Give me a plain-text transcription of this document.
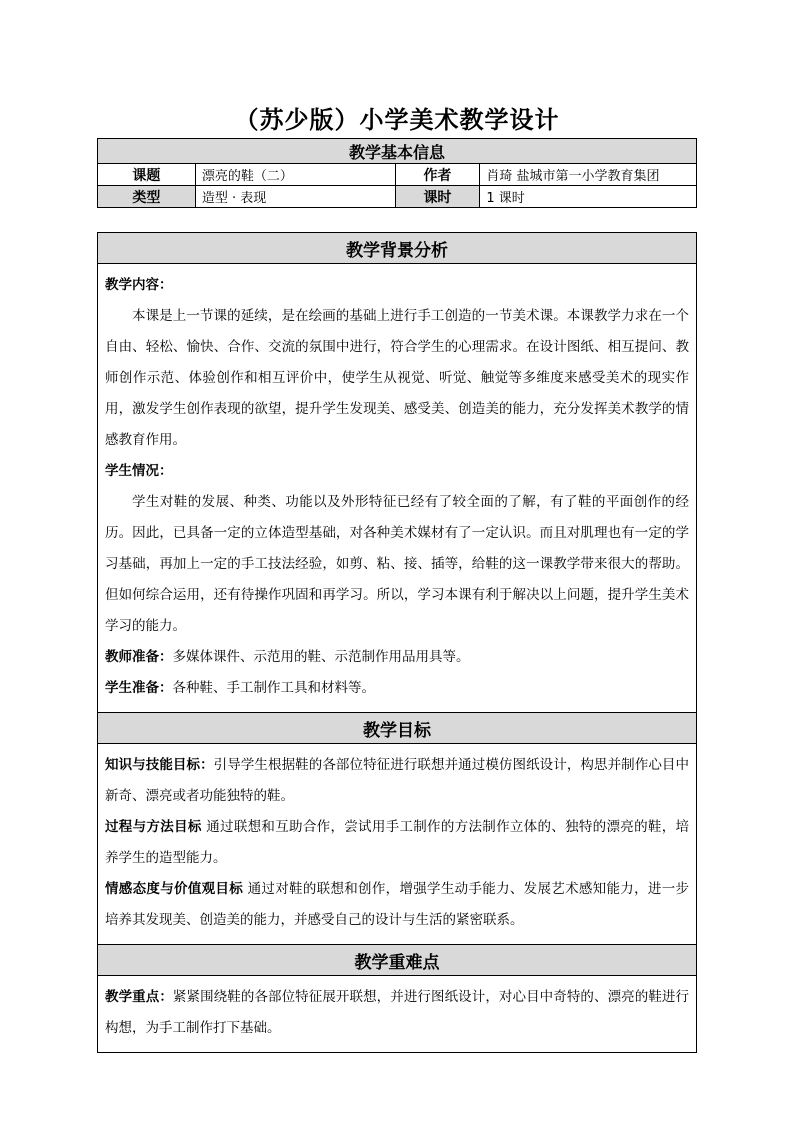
（苏少版）小学美术教学设计
教学基本信息			
课题	漂亮的鞋（二）	作者	肖琦 盐城市第一小学教育集团
类型	造型 · 表现	课时	1 课时
教学背景分析

教学内容：

本课是上一节课的延续，是在绘画的基础上进行手工创造的一节美术课。本课教学力求在一个自由、轻松、愉快、合作、交流的氛围中进行，符合学生的心理需求。在设计图纸、相互提问、教师创作示范、体验创作和相互评价中，使学生从视觉、听觉、触觉等多维度来感受美术的现实作用，激发学生创作表现的欲望，提升学生发现美、感受美、创造美的能力，充分发挥美术教学的情感教育作用。

学生情况：

学生对鞋的发展、种类、功能以及外形特征已经有了较全面的了解，有了鞋的平面创作的经历。因此，已具备一定的立体造型基础，对各种美术媒材有了一定认识。而且对肌理也有一定的学习基础，再加上一定的手工技法经验，如剪、粘、接、插等，给鞋的这一课教学带来很大的帮助。但如何综合运用，还有待操作巩固和再学习。所以，学习本课有利于解决以上问题，提升学生美术学习的能力。

教师准备：多媒体课件、示范用的鞋、示范制作用品用具等。

学生准备：各种鞋、手工制作工具和材料等。

教学目标

知识与技能目标：引导学生根据鞋的各部位特征进行联想并通过模仿图纸设计，构思并制作心目中新奇、漂亮或者功能独特的鞋。

过程与方法目标 通过联想和互助合作，尝试用手工制作的方法制作立体的、独特的漂亮的鞋，培养学生的造型能力。

情感态度与价值观目标 通过对鞋的联想和创作，增强学生动手能力、发展艺术感知能力，进一步培养其发现美、创造美的能力，并感受自己的设计与生活的紧密联系。

教学重难点

教学重点：紧紧围绕鞋的各部位特征展开联想，并进行图纸设计，对心目中奇特的、漂亮的鞋进行构想，为手工制作打下基础。
